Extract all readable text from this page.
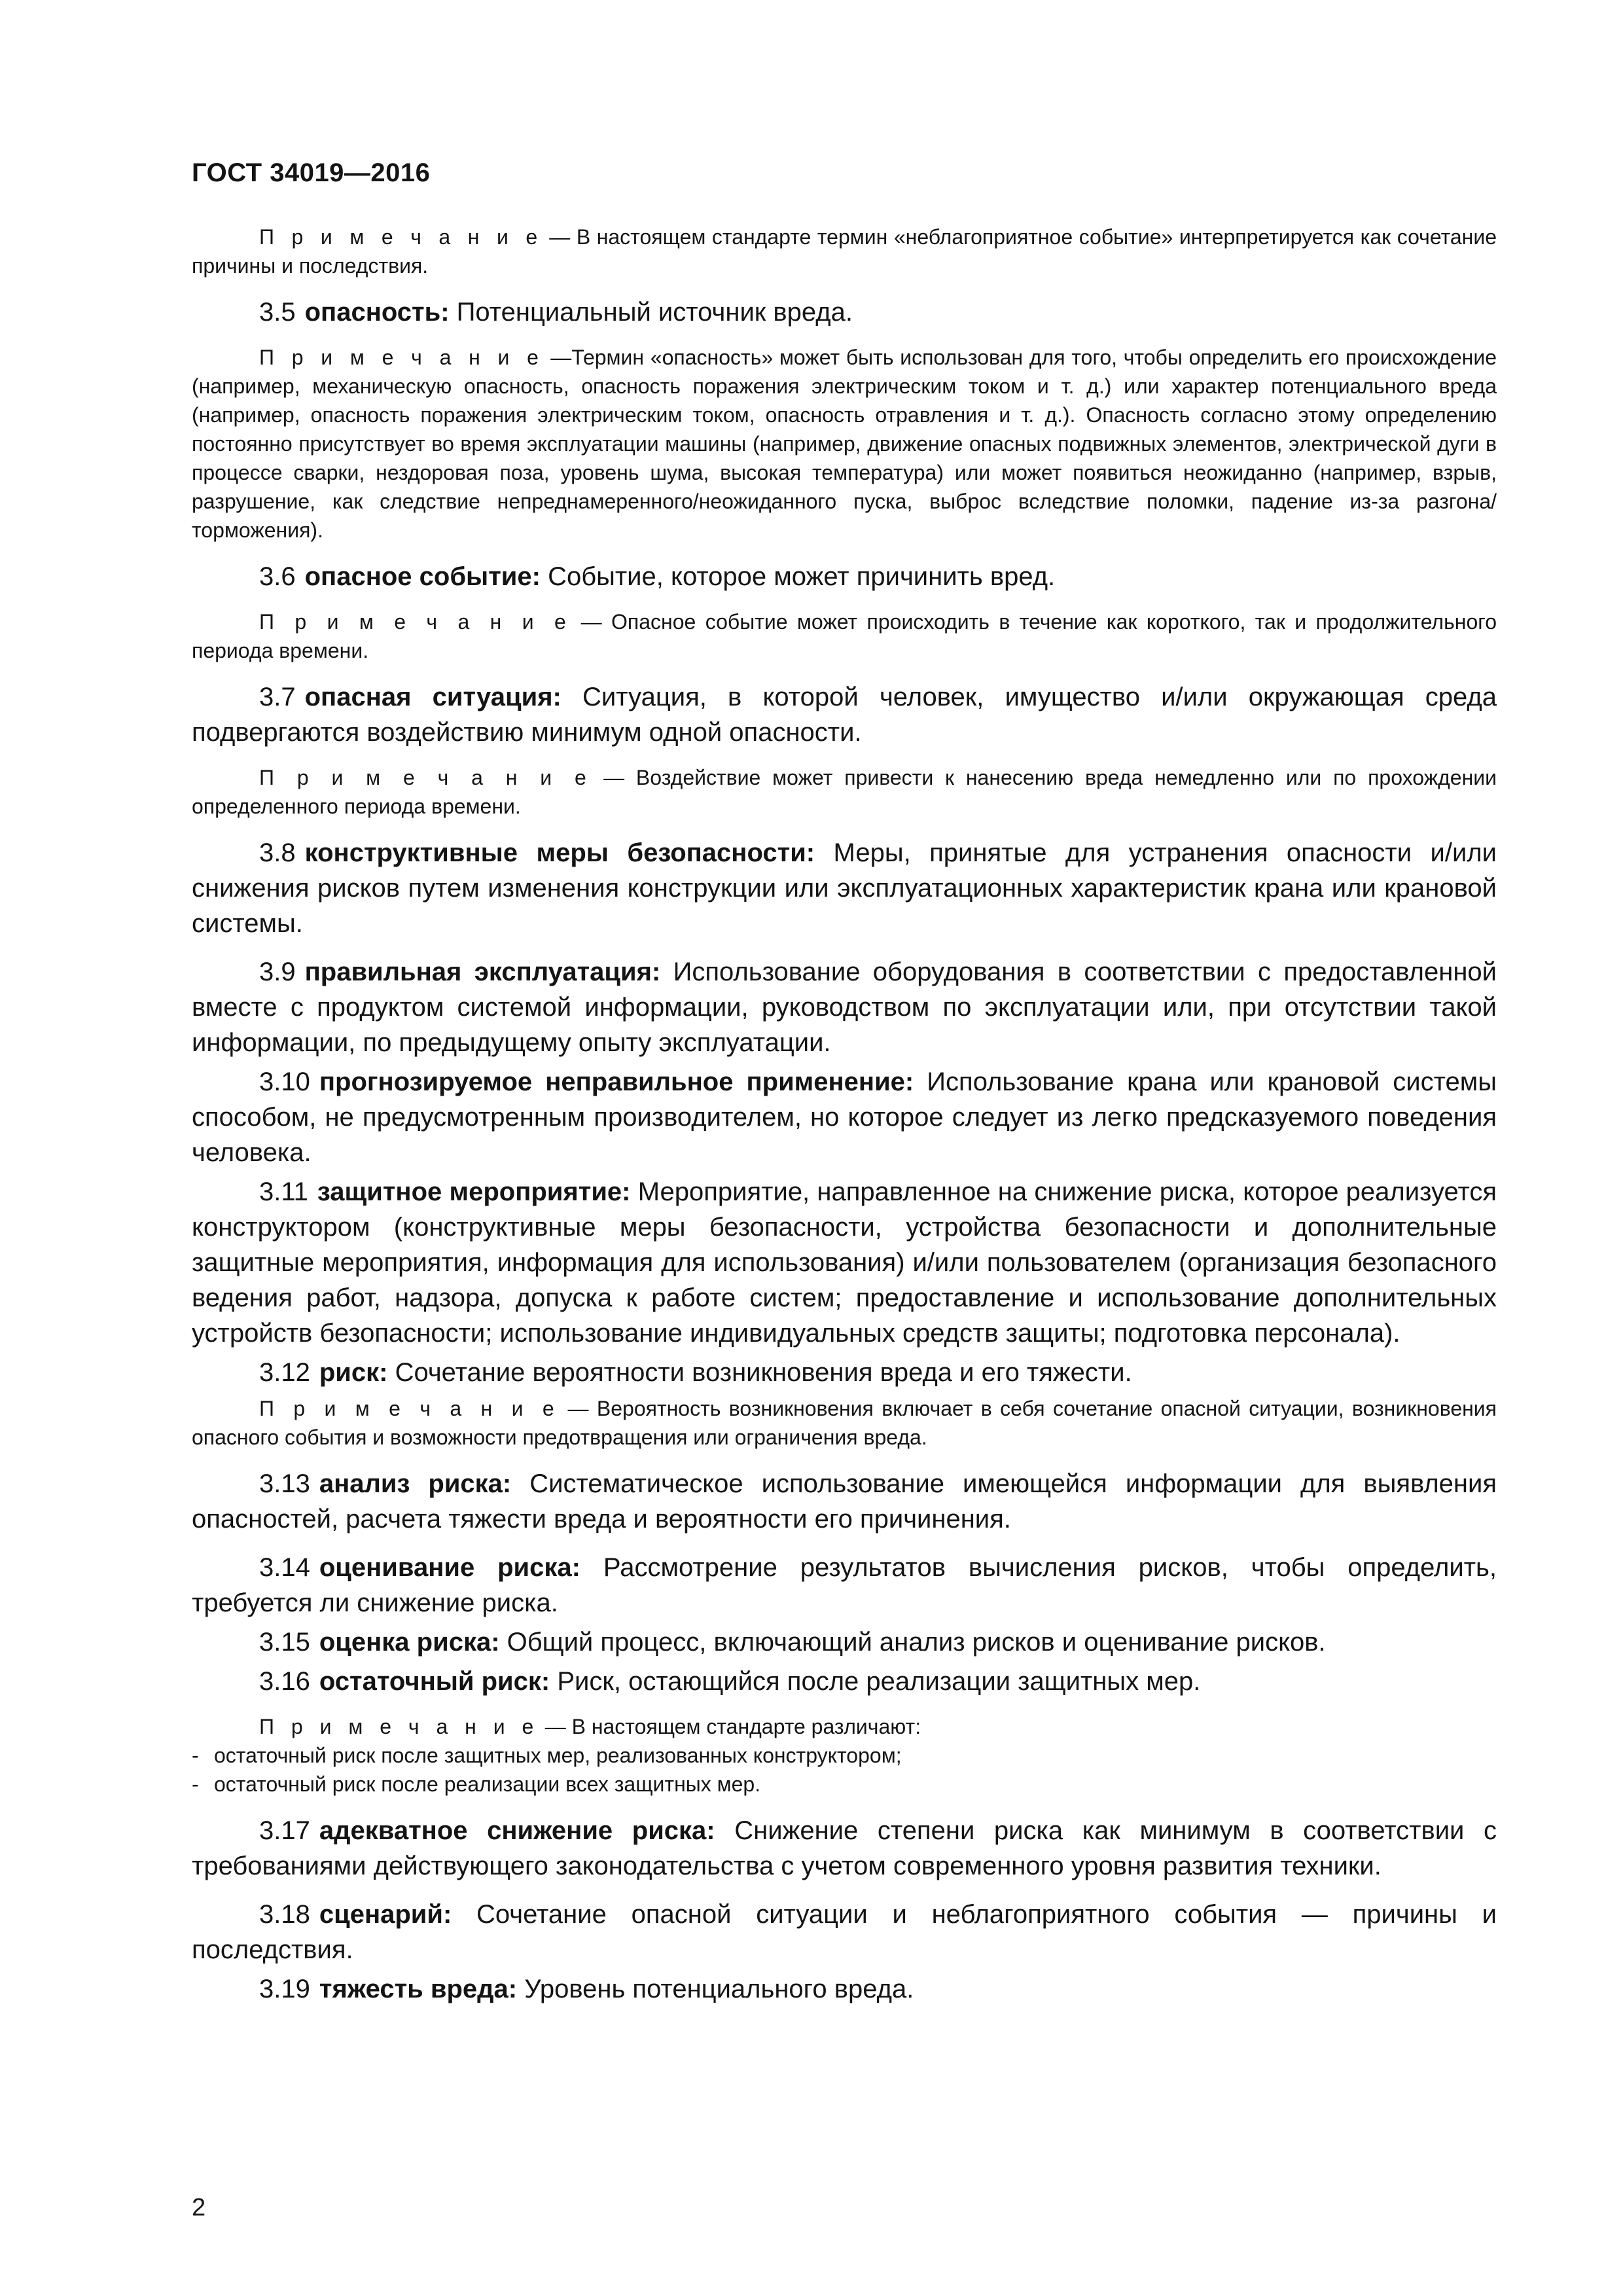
ГОСТ 34019—2016

П р и м е ч а н и е — В настоящем стандарте термин «неблагоприятное событие» интерпретируется как сочетание причины и последствия.

3.5 опасность: Потенциальный источник вреда.

П р и м е ч а н и е —Термин «опасность» может быть использован для того, чтобы определить его происхождение (например, механическую опасность, опасность поражения электрическим током и т. д.) или характер потенциального вреда (например, опасность поражения электрическим током, опасность отравления и т. д.). Опасность согласно этому определению постоянно присутствует во время эксплуатации машины (например, движение опасных подвижных элементов, электрической дуги в процессе сварки, нездоровая поза, уровень шума, высокая температура) или может появиться неожиданно (например, взрыв, разрушение, как следствие непреднамеренного/неожиданного пуска, выброс вследствие поломки, падение из-за разгона/торможения).

3.6 опасное событие: Событие, которое может причинить вред.

П р и м е ч а н и е — Опасное событие может происходить в течение как короткого, так и продолжительного периода времени.

3.7 опасная ситуация: Ситуация, в которой человек, имущество и/или окружающая среда подвергаются воздействию минимум одной опасности.

П р и м е ч а н и е — Воздействие может привести к нанесению вреда немедленно или по прохождении определенного периода времени.

3.8 конструктивные меры безопасности: Меры, принятые для устранения опасности и/или снижения рисков путем изменения конструкции или эксплуатационных характеристик крана или крановой системы.

3.9 правильная эксплуатация: Использование оборудования в соответствии с предоставленной вместе с продуктом системой информации, руководством по эксплуатации или, при отсутствии такой информации, по предыдущему опыту эксплуатации.

3.10 прогнозируемое неправильное применение: Использование крана или крановой системы способом, не предусмотренным производителем, но которое следует из легко предсказуемого поведения человека.

3.11 защитное мероприятие: Мероприятие, направленное на снижение риска, которое реализуется конструктором (конструктивные меры безопасности, устройства безопасности и дополнительные защитные мероприятия, информация для использования) и/или пользователем (организация безопасного ведения работ, надзора, допуска к работе систем; предоставление и использование дополнительных устройств безопасности; использование индивидуальных средств защиты; подготовка персонала).

3.12 риск: Сочетание вероятности возникновения вреда и его тяжести.

П р и м е ч а н и е — Вероятность возникновения включает в себя сочетание опасной ситуации, возникновения опасного события и возможности предотвращения или ограничения вреда.

3.13 анализ риска: Систематическое использование имеющейся информации для выявления опасностей, расчета тяжести вреда и вероятности его причинения.

3.14 оценивание риска: Рассмотрение результатов вычисления рисков, чтобы определить, требуется ли снижение риска.

3.15 оценка риска: Общий процесс, включающий анализ рисков и оценивание рисков.

3.16 остаточный риск: Риск, остающийся после реализации защитных мер.

П р и м е ч а н и е — В настоящем стандарте различают:

- остаточный риск после защитных мер, реализованных конструктором;

- остаточный риск после реализации всех защитных мер.

3.17 адекватное снижение риска: Снижение степени риска как минимум в соответствии с требованиями действующего законодательства с учетом современного уровня развития техники.

3.18 сценарий: Сочетание опасной ситуации и неблагоприятного события — причины и последствия.

3.19 тяжесть вреда: Уровень потенциального вреда.

2
